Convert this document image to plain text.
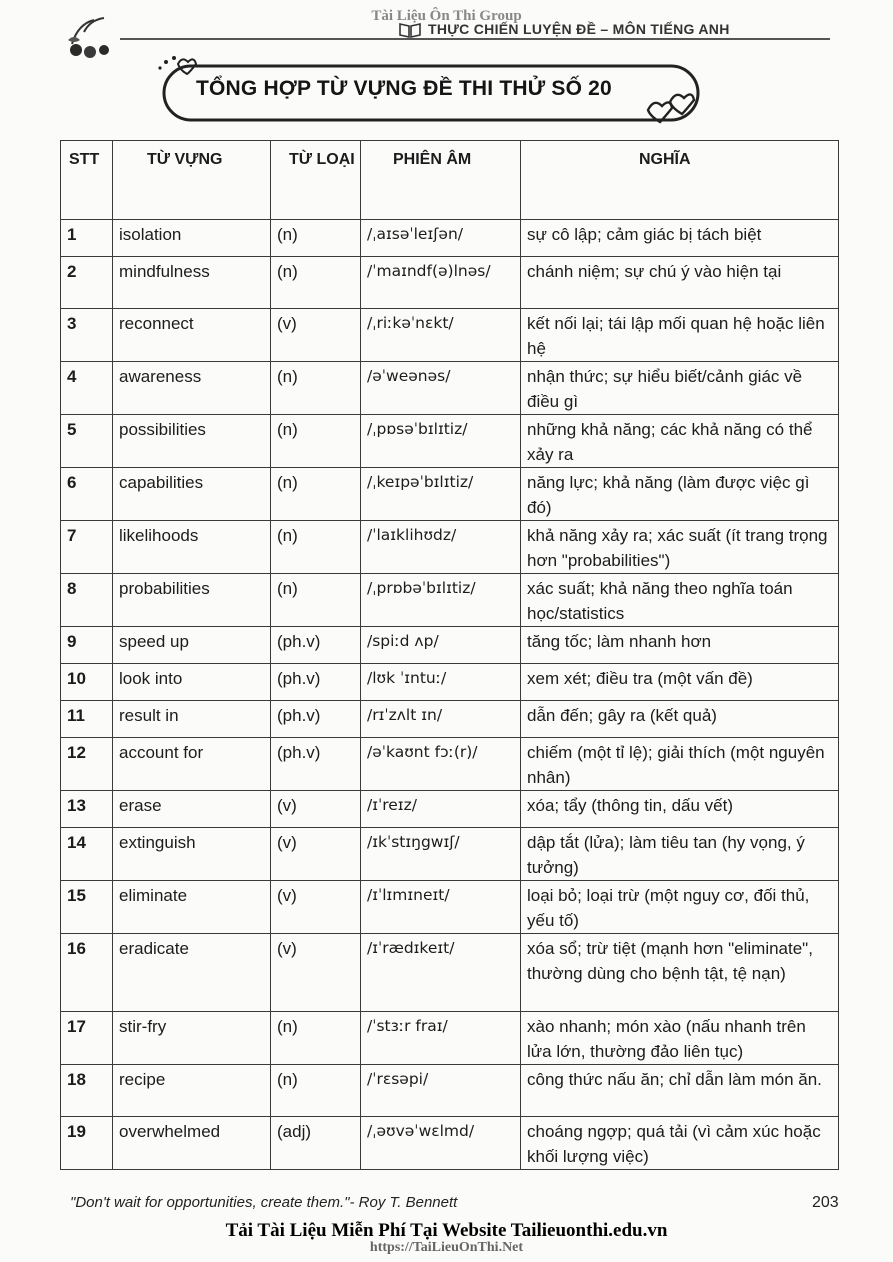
Tài Liệu Ôn Thi Group
THỰC CHIẾN LUYỆN ĐỀ – MÔN TIẾNG ANH
TỔNG HỢP TỪ VỰNG ĐỀ THI THỬ SỐ 20
STT	TỪ VỰNG	TỪ LOẠI	PHIÊN ÂM	NGHĨA
1	isolation	(n)	/ˌaɪsəˈleɪʃən/	sự cô lập; cảm giác bị tách biệt
2	mindfulness	(n)	/ˈmaɪndf(ə)lnəs/	chánh niệm; sự chú ý vào hiện tại
3	reconnect	(v)	/ˌriːkəˈnɛkt/	kết nối lại; tái lập mối quan hệ hoặc liên hệ
4	awareness	(n)	/əˈweənəs/	nhận thức; sự hiểu biết/cảnh giác về điều gì
5	possibilities	(n)	/ˌpɒsəˈbɪlɪtiz/	những khả năng; các khả năng có thể xảy ra
6	capabilities	(n)	/ˌkeɪpəˈbɪlɪtiz/	năng lực; khả năng (làm được việc gì đó)
7	likelihoods	(n)	/ˈlaɪklihʊdz/	khả năng xảy ra; xác suất (ít trang trọng hơn "probabilities")
8	probabilities	(n)	/ˌprɒbəˈbɪlɪtiz/	xác suất; khả năng theo nghĩa toán học/statistics
9	speed up	(ph.v)	/spiːd ʌp/	tăng tốc; làm nhanh hơn
10	look into	(ph.v)	/lʊk ˈɪntuː/	xem xét; điều tra (một vấn đề)
11	result in	(ph.v)	/rɪˈzʌlt ɪn/	dẫn đến; gây ra (kết quả)
12	account for	(ph.v)	/əˈkaʊnt fɔː(r)/	chiếm (một tỉ lệ); giải thích (một nguyên nhân)
13	erase	(v)	/ɪˈreɪz/	xóa; tẩy (thông tin, dấu vết)
14	extinguish	(v)	/ɪkˈstɪŋgwɪʃ/	dập tắt (lửa); làm tiêu tan (hy vọng, ý tưởng)
15	eliminate	(v)	/ɪˈlɪmɪneɪt/	loại bỏ; loại trừ (một nguy cơ, đối thủ, yếu tố)
16	eradicate	(v)	/ɪˈrædɪkeɪt/	xóa sổ; trừ tiệt (mạnh hơn "eliminate", thường dùng cho bệnh tật, tệ nạn)
17	stir-fry	(n)	/ˈstɜːr fraɪ/	xào nhanh; món xào (nấu nhanh trên lửa lớn, thường đảo liên tục)
18	recipe	(n)	/ˈrɛsəpi/	công thức nấu ăn; chỉ dẫn làm món ăn.
19	overwhelmed	(adj)	/ˌəʊvəˈwɛlmd/	choáng ngợp; quá tải (vì cảm xúc hoặc khối lượng việc)
"Don't wait for opportunities, create them."- Roy T. Bennett	203
Tải Tài Liệu Miễn Phí Tại Website Tailieuonthi.edu.vn
https://TaiLieuOnThi.Net
